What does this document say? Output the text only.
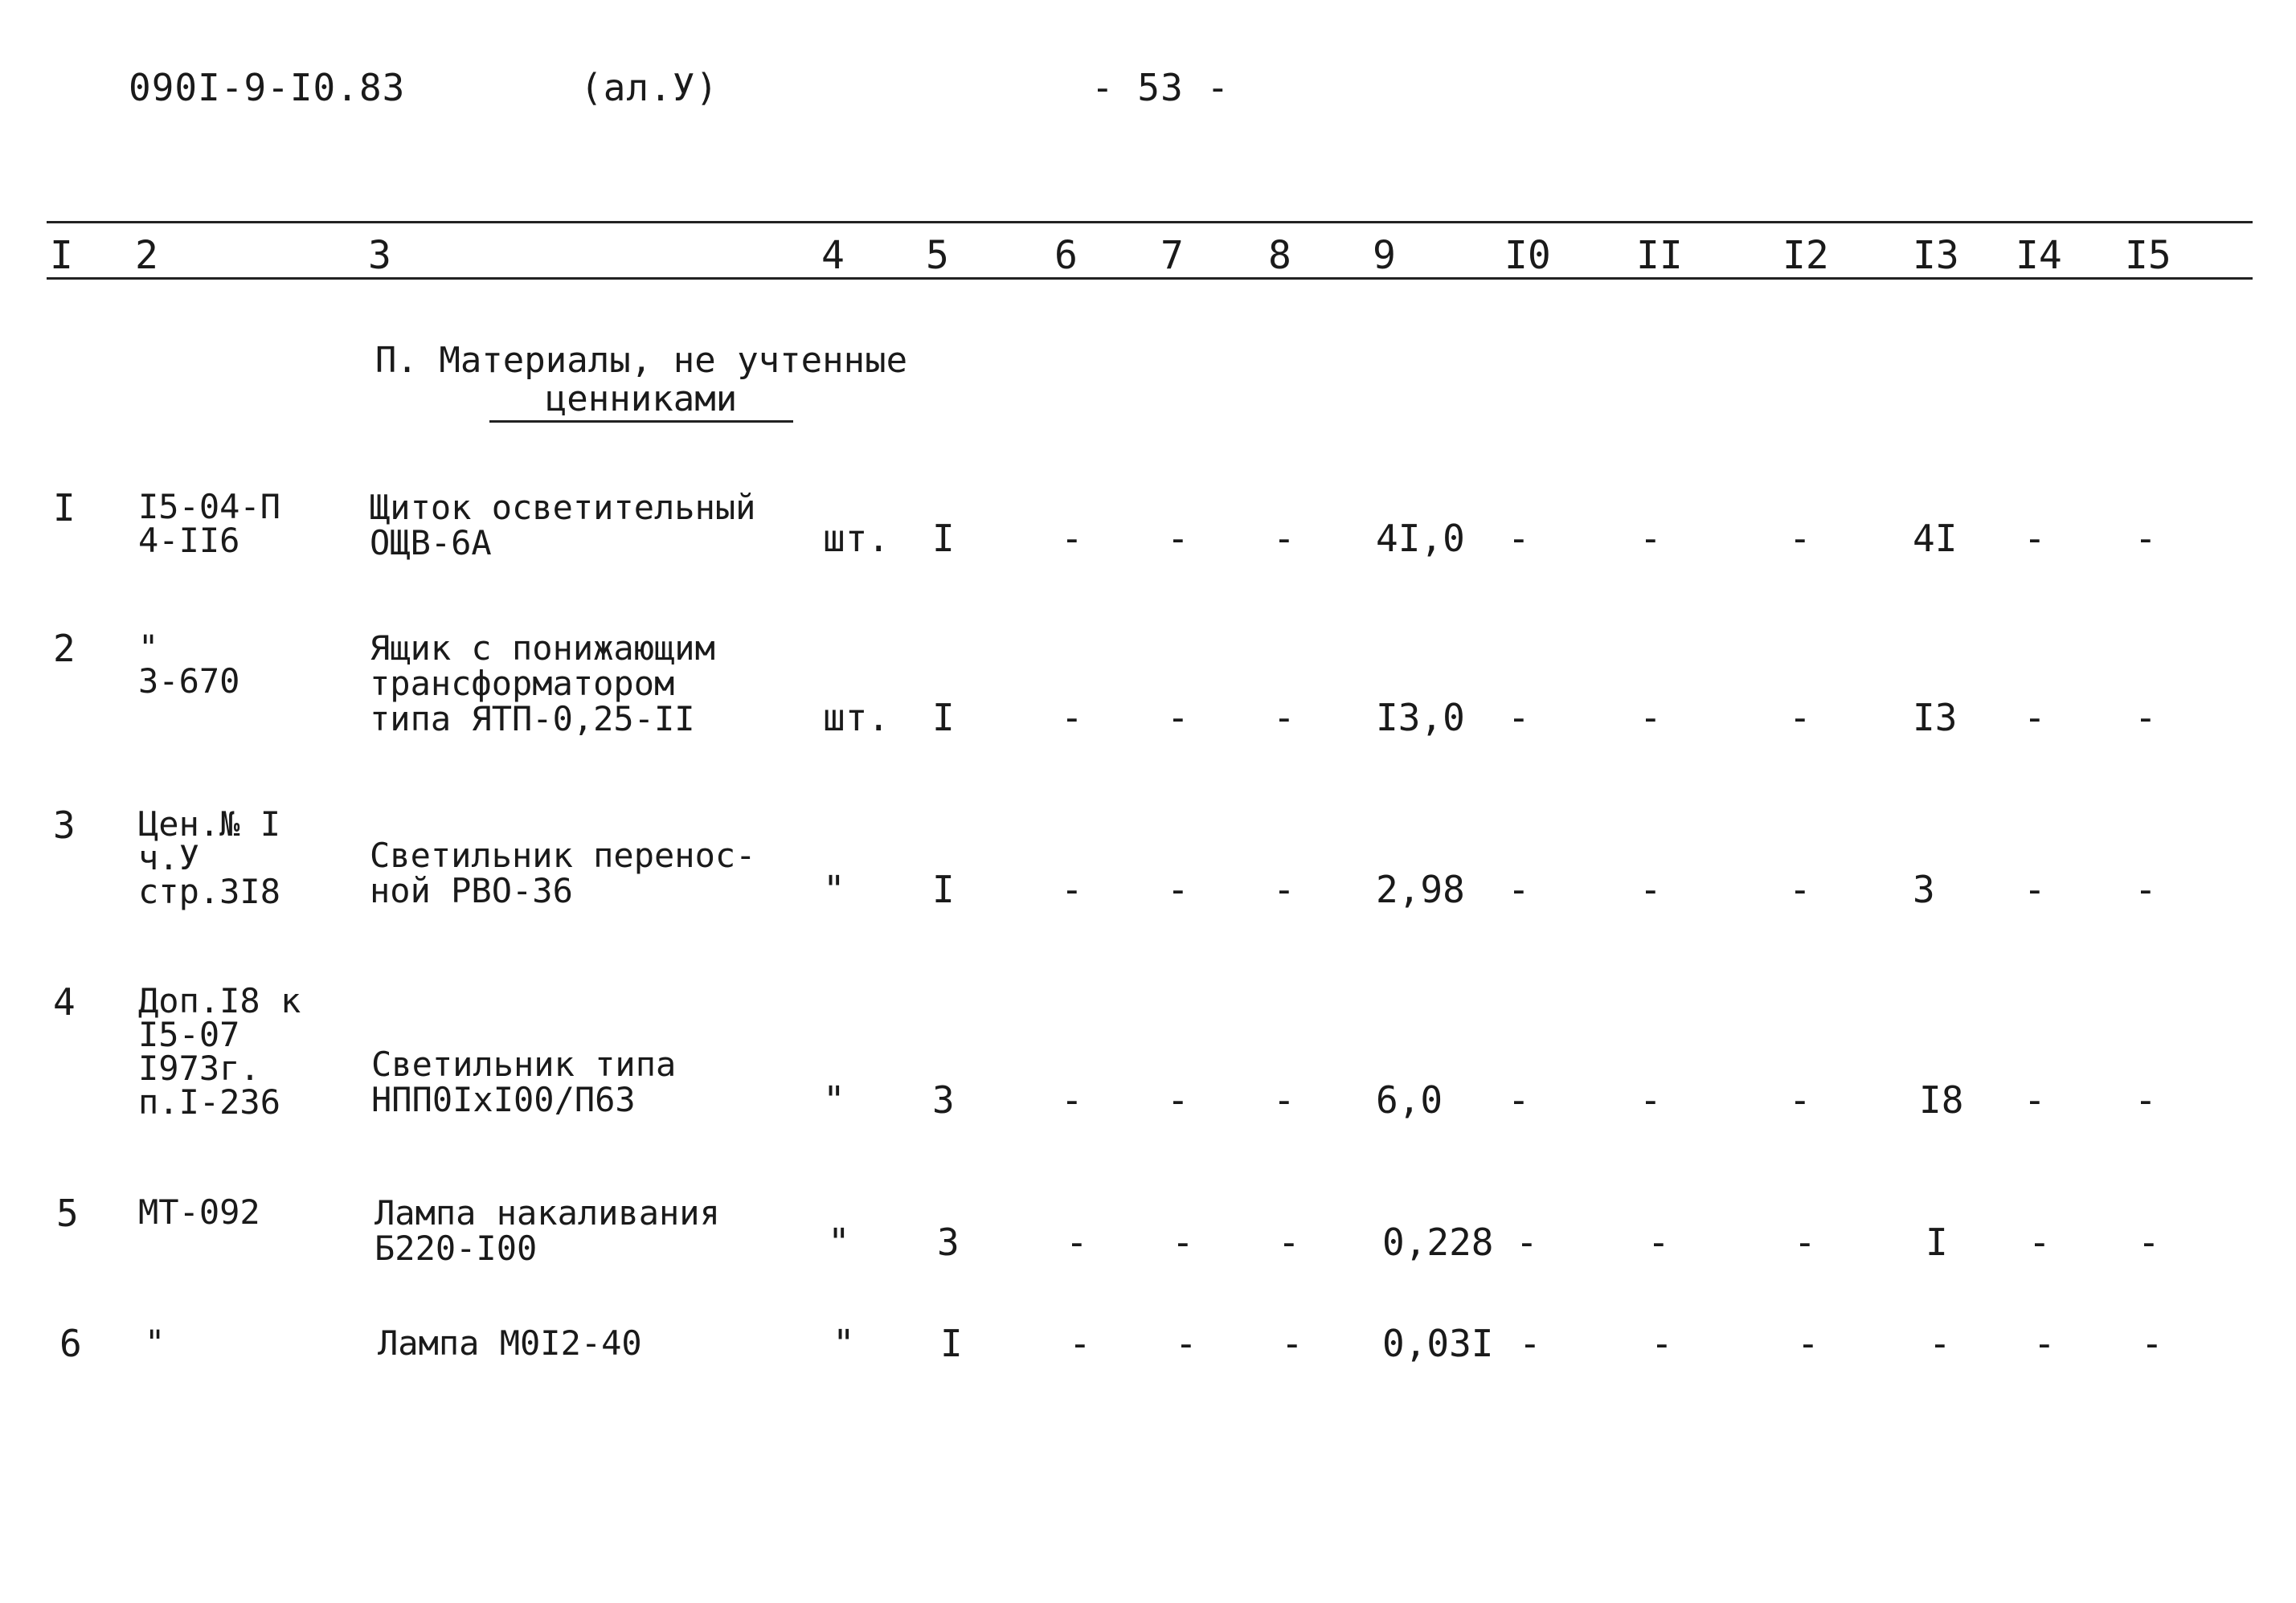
090I-9-I0.83	(ал.У)	- 53 -
I 2	3	4 5	6 7 8 9	I0 II	I2 I3 I4 I5
П. Материалы, не учтенные
ценниками
I I5-04-П
4-II6
Щиток осветительный
ОЩВ-6А	шт. I	- - - 4I,0 -	-	-	4I - -
2 "
3-670
Ящик с понижающим
трансформатором
типа ЯТП-0,25-II	шт. I	- - - I3,0 -	-	-	I3 - -
3 Цен.№ I
ч.У
стр.3I8
Светильник перенос-
ной РВО-36	" I	- - - 2,98 -	-	-	3 - -
4 Доп.I8 к
I5-07
I973г.
п.I-236
Светильник типа
НПП0IxI00/П63	" 3	- - - 6,0 -	-	-	I8 - -
5 МТ-092	Лампа накаливания
Б220-I00	" 3	- - - 0,228 -	-	-	I - -
6 "	Лампа М0I2-40	" I	- - - 0,03I -	-	-	- - -
